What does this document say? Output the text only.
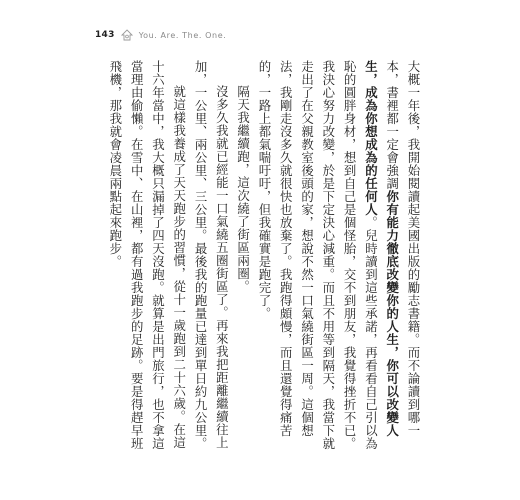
143	You. Are. The. One.

大概一年後，我開始閱讀起美國出版的勵志書籍。而不論讀到哪一本，書裡都一定會強調你有能力徹底改變你的人生，你可以改變人生，成為你想成為的任何人。兒時讀到這些承諾，再看看自己引以為恥的圓胖身材，想到自己是個怪胎，交不到朋友，我覺得挫折不已。我決心努力改變，於是下定決心減重。而且不用等到隔天，我當下就走出了在父親教室後頭的家，想說不然一口氣繞街區一周。這個想法，我剛走沒多久就很快也放棄了。我跑得頗慢，而且還覺得痛苦的，一路上都氣喘吁吁，但我確實是跑完了。

隔天我繼續跑，這次繞了街區兩圈。

沒多久我就已經能一口氣繞五圈街區了。再來我把距離繼續往上加，一公里、兩公里、三公里。最後我的跑量已達到單日約九公里。

就這樣我養成了天天跑步的習慣，從十一歲跑到二十六歲。在這十六年當中，我大概只漏掉了四天沒跑。就算是出門旅行，也不拿這當理由偷懶。在雪中、在山裡，都有過我跑步的足跡。要是得趕早班飛機，那我就會凌晨兩點起來跑步。
